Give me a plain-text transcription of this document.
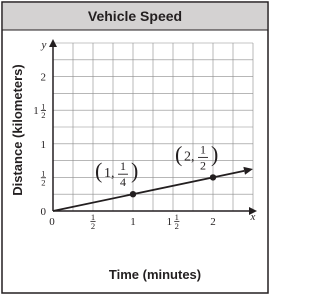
Vehicle Speed
0	1
2	1	1 1
2	2
0
1
2
1
1 1
2
2
( 1, 1
4 )
( 2, 1
2 )
Time (minutes)
Distance (kilometers)
y
x
